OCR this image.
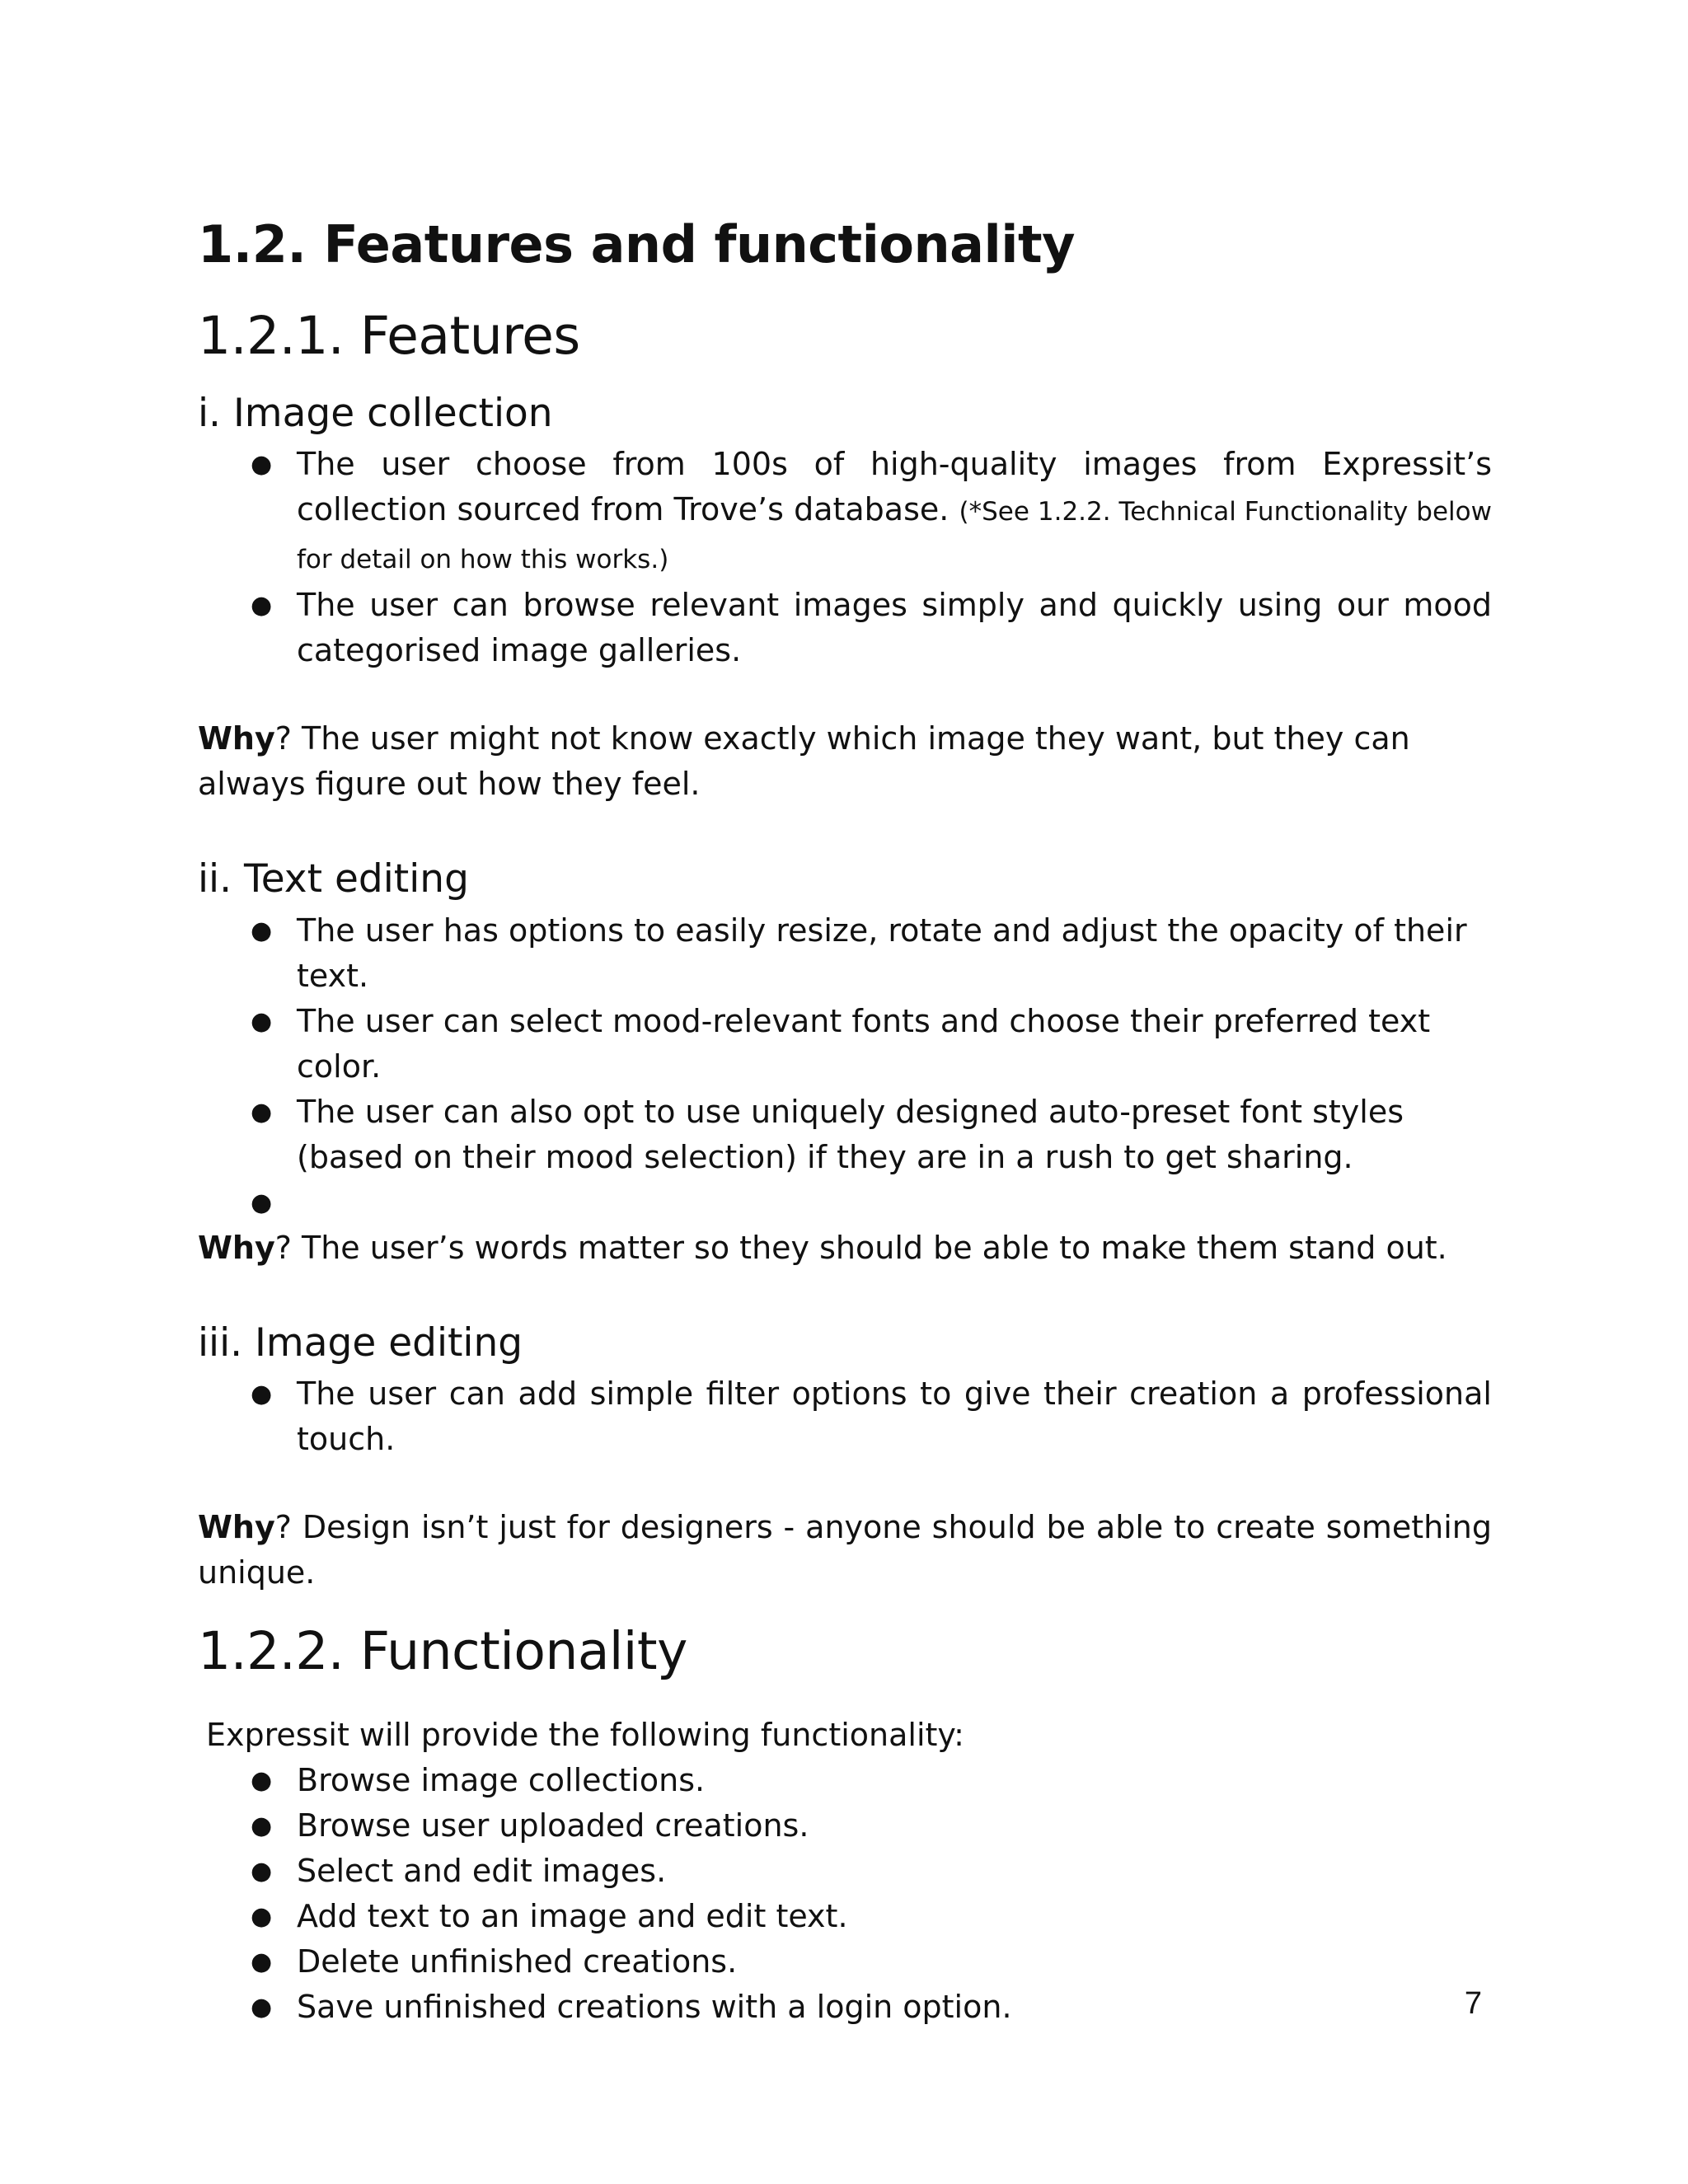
1.2. Features and functionality
1.2.1. Features
i. Image collection
● The user choose from 100s of high-quality images from Expressit’s collection sourced from Trove’s database. (*See 1.2.2. Technical Functionality below for detail on how this works.)
● The user can browse relevant images simply and quickly using our mood categorised image galleries.

Why? The user might not know exactly which image they want, but they can always figure out how they feel.

ii. Text editing
● The user has options to easily resize, rotate and adjust the opacity of their text.
● The user can select mood-relevant fonts and choose their preferred text color.
● The user can also opt to use uniquely designed auto-preset font styles (based on their mood selection) if they are in a rush to get sharing.
●

Why? The user’s words matter so they should be able to make them stand out.

iii. Image editing
● The user can add simple filter options to give their creation a professional touch.

Why? Design isn’t just for designers - anyone should be able to create something unique.

1.2.2. Functionality

Expressit will provide the following functionality:

● Browse image collections.
● Browse user uploaded creations.
● Select and edit images.
● Add text to an image and edit text.
● Delete unfinished creations.
● Save unfinished creations with a login option.	7
